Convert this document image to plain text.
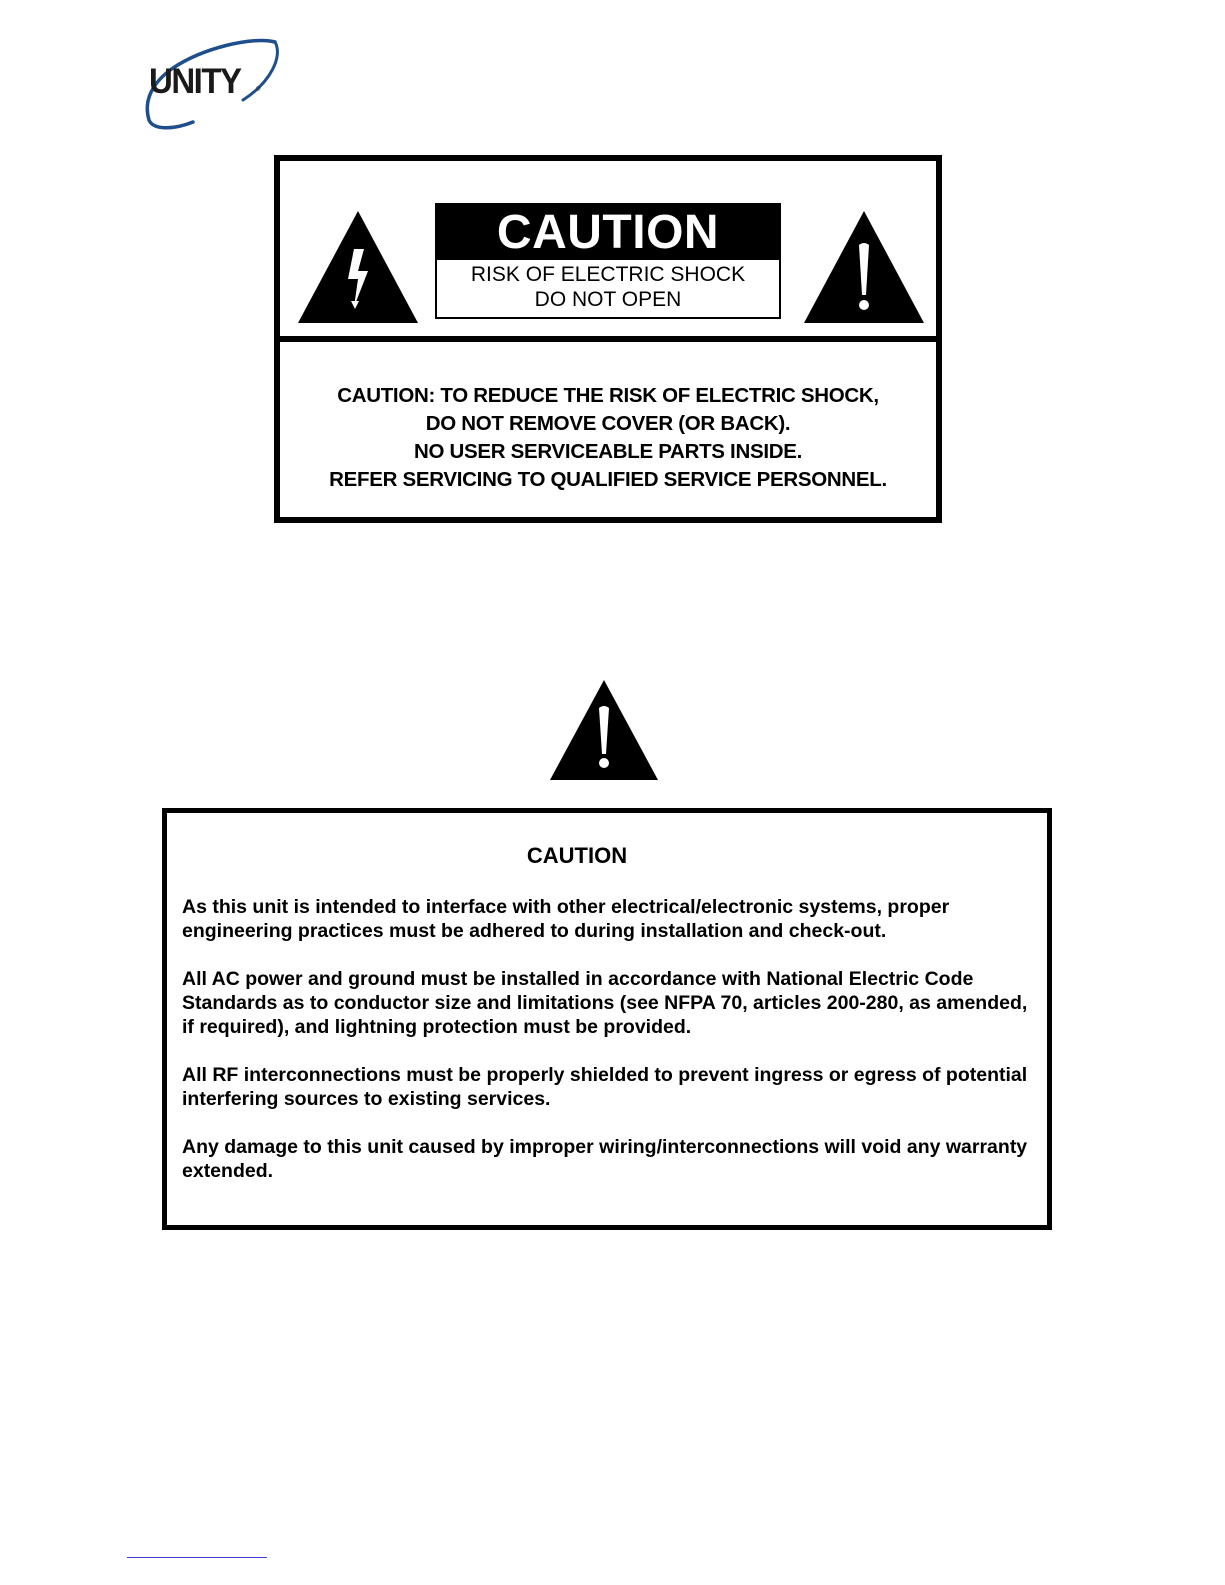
UNITY	®
CAUTION
RISK OF ELECTRIC SHOCK
DO NOT OPEN
CAUTION: TO REDUCE THE RISK OF ELECTRIC SHOCK,
DO NOT REMOVE COVER (OR BACK).
NO USER SERVICEABLE PARTS INSIDE.
REFER SERVICING TO QUALIFIED SERVICE PERSONNEL.
CAUTION

As this unit is intended to interface with other electrical/electronic systems, proper engineering practices must be adhered to during installation and check-out.

All AC power and ground must be installed in accordance with National Electric Code Standards as to conductor size and limitations (see NFPA 70, articles 200-280, as amended, if required), and lightning protection must be provided.

All RF interconnections must be properly shielded to prevent ingress or egress of potential interfering sources to existing services.

Any damage to this unit caused by improper wiring/interconnections will void any warranty extended.
